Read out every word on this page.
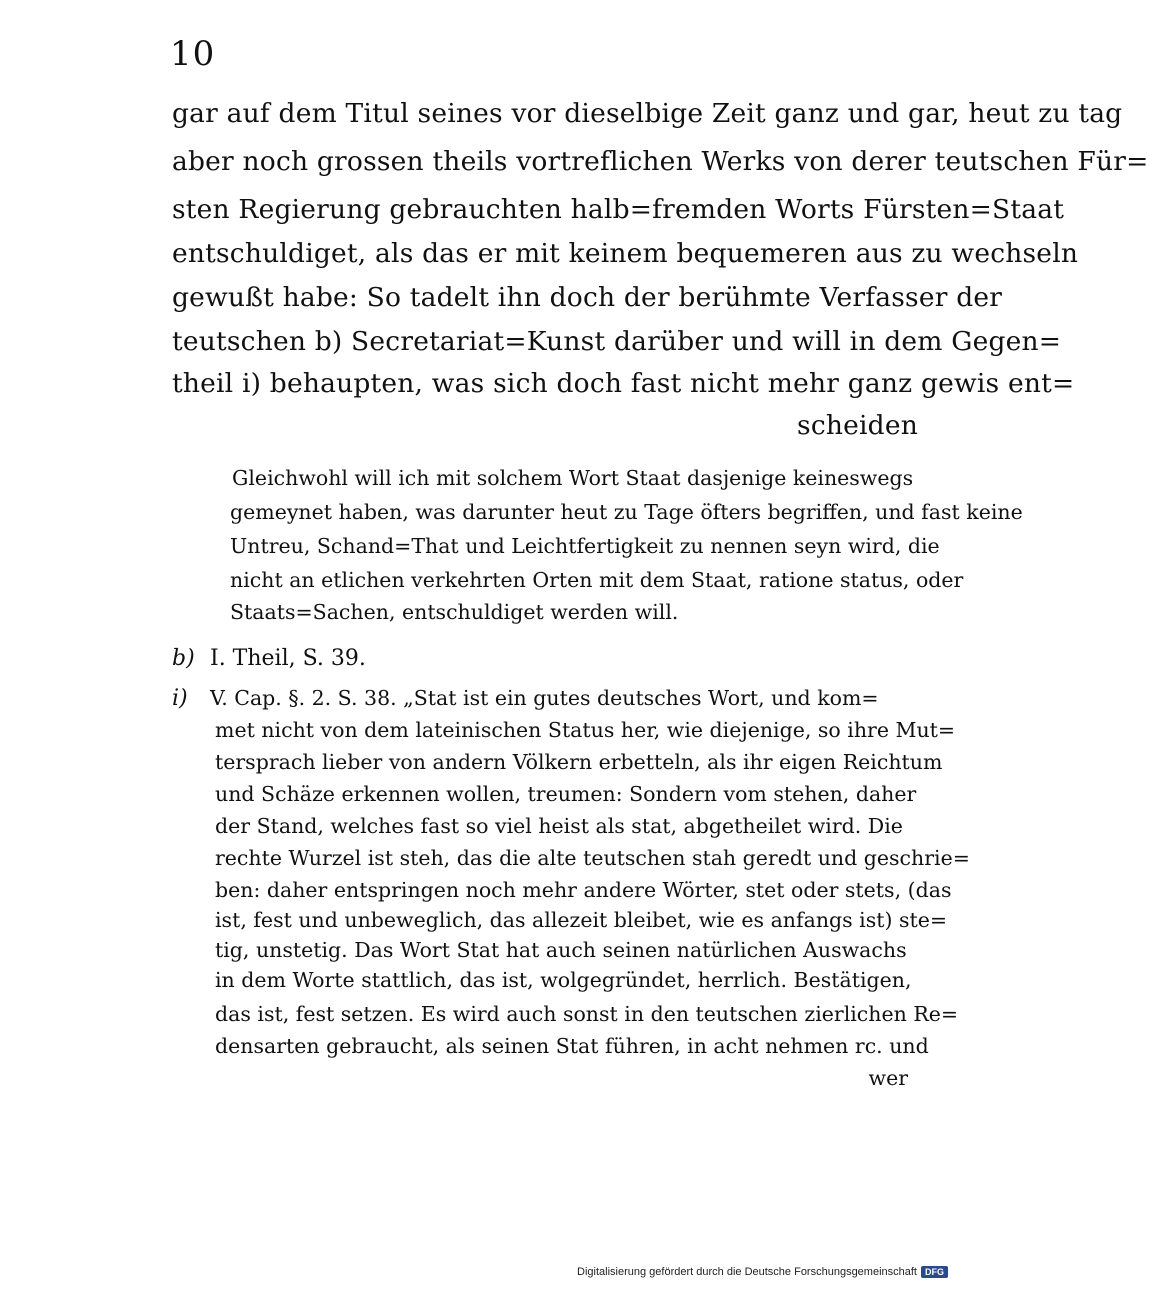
10
gar auf dem Titul seines vor dieselbige Zeit ganz und gar, heut zu tag
aber noch grossen theils vortreflichen Werks von derer teutschen Für=
sten Regierung gebrauchten halb=fremden Worts Fürsten=Staat
entschuldiget, als das er mit keinem bequemeren aus zu wechseln
gewußt habe: So tadelt ihn doch der berühmte Verfasser der
teutschen b) Secretariat=Kunst darüber und will in dem Gegen=
theil i) behaupten, was sich doch fast nicht mehr ganz gewis ent=
scheiden
Gleichwohl will ich mit solchem Wort Staat dasjenige keineswegs
gemeynet haben, was darunter heut zu Tage öfters begriffen, und fast keine
Untreu, Schand=That und Leichtfertigkeit zu nennen seyn wird, die
nicht an etlichen verkehrten Orten mit dem Staat, ratione status, oder
Staats=Sachen, entschuldiget werden will.
b) I. Theil, S. 39.
i) V. Cap. §. 2. S. 38. „Stat ist ein gutes deutsches Wort, und kom=
met nicht von dem lateinischen Status her, wie diejenige, so ihre Mut=
tersprach lieber von andern Völkern erbetteln, als ihr eigen Reichtum
und Schäze erkennen wollen, treumen: Sondern vom stehen, daher
der Stand, welches fast so viel heist als stat, abgetheilet wird. Die
rechte Wurzel ist steh, das die alte teutschen stah geredt und geschrie=
ben: daher entspringen noch mehr andere Wörter, stet oder stets, (das
ist, fest und unbeweglich, das allezeit bleibet, wie es anfangs ist) ste=
tig, unstetig. Das Wort Stat hat auch seinen natürlichen Auswachs
in dem Worte stattlich, das ist, wolgegründet, herrlich. Bestätigen,
das ist, fest setzen. Es wird auch sonst in den teutschen zierlichen Re=
densarten gebraucht, als seinen Stat führen, in acht nehmen rc. und
wer
Digitalisierung gefördert durch die Deutsche Forschungsgemeinschaft DFG
